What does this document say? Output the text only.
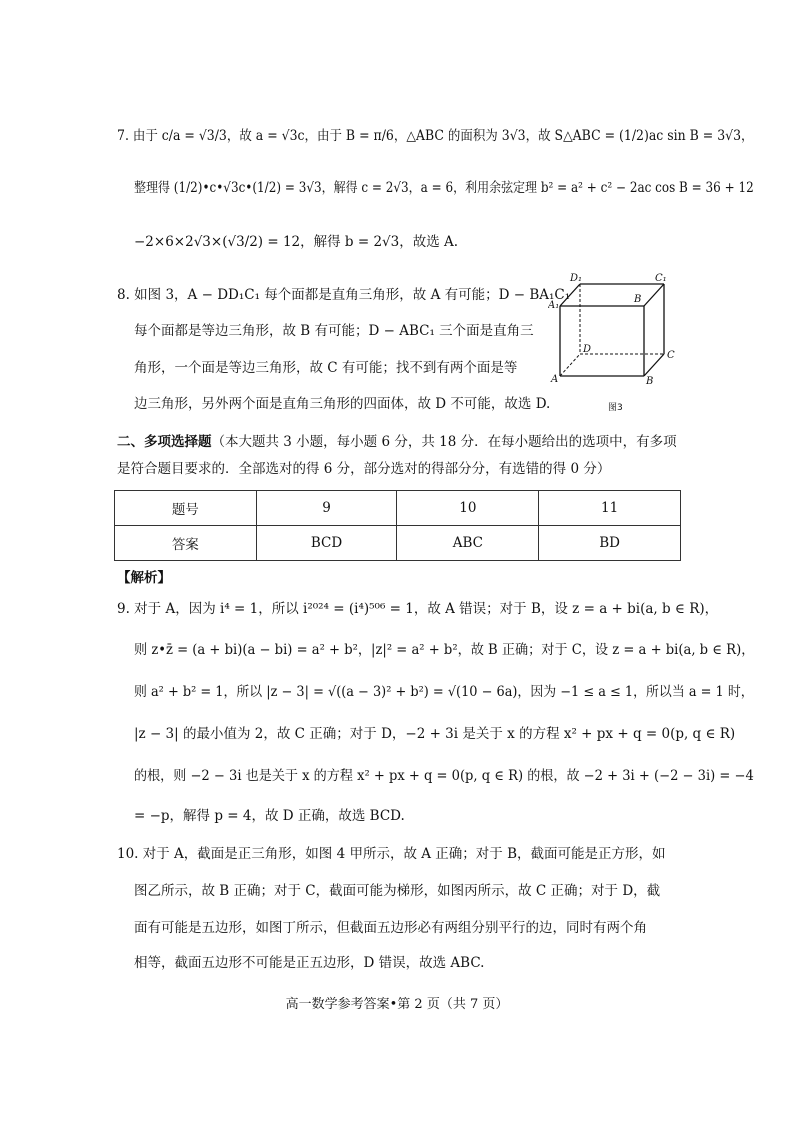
7. 由于 c/a = √3/3，故 a = √3c，由于 B = π/6，△ABC 的面积为 3√3，故 S△ABC = (1/2)ac sin B = 3√3，
整理得 (1/2)•c•√3c•(1/2) = 3√3，解得 c = 2√3，a = 6，利用余弦定理 b² = a² + c² − 2ac cos B = 36 + 12
−2×6×2√3×(√3/2) = 12，解得 b = 2√3，故选 A.
8. 如图 3，A − DD₁C₁ 每个面都是直角三角形，故 A 有可能；D − BA₁C₁
每个面都是等边三角形，故 B 有可能；D − ABC₁ 三个面是直角三
角形，一个面是等边三角形，故 C 有可能；找不到有两个面是等
边三角形，另外两个面是直角三角形的四面体，故 D 不可能，故选 D.
D₁	C₁
A₁
B
D
C
A	B
图3
二、多项选择题（本大题共 3 小题，每小题 6 分，共 18 分．在每小题给出的选项中，有多项
是符合题目要求的．全部选对的得 6 分，部分选对的得部分分，有选错的得 0 分）
题号	9	10	11
答案	BCD	ABC	BD
【解析】
9. 对于 A，因为 i⁴ = 1，所以 i²⁰²⁴ = (i⁴)⁵⁰⁶ = 1，故 A 错误；对于 B，设 z = a + bi(a, b ∈ R)，
则 z•z̄ = (a + bi)(a − bi) = a² + b²，|z|² = a² + b²，故 B 正确；对于 C，设 z = a + bi(a, b ∈ R)，
则 a² + b² = 1，所以 |z − 3| = √((a − 3)² + b²) = √(10 − 6a)，因为 −1 ≤ a ≤ 1，所以当 a = 1 时，
|z − 3| 的最小值为 2，故 C 正确；对于 D，−2 + 3i 是关于 x 的方程 x² + px + q = 0(p, q ∈ R)
的根，则 −2 − 3i 也是关于 x 的方程 x² + px + q = 0(p, q ∈ R) 的根，故 −2 + 3i + (−2 − 3i) = −4
= −p，解得 p = 4，故 D 正确，故选 BCD.
10. 对于 A，截面是正三角形，如图 4 甲所示，故 A 正确；对于 B，截面可能是正方形，如
图乙所示，故 B 正确；对于 C，截面可能为梯形，如图丙所示，故 C 正确；对于 D，截
面有可能是五边形，如图丁所示，但截面五边形必有两组分别平行的边，同时有两个角
相等，截面五边形不可能是正五边形，D 错误，故选 ABC.
高一数学参考答案•第 2 页（共 7 页）
